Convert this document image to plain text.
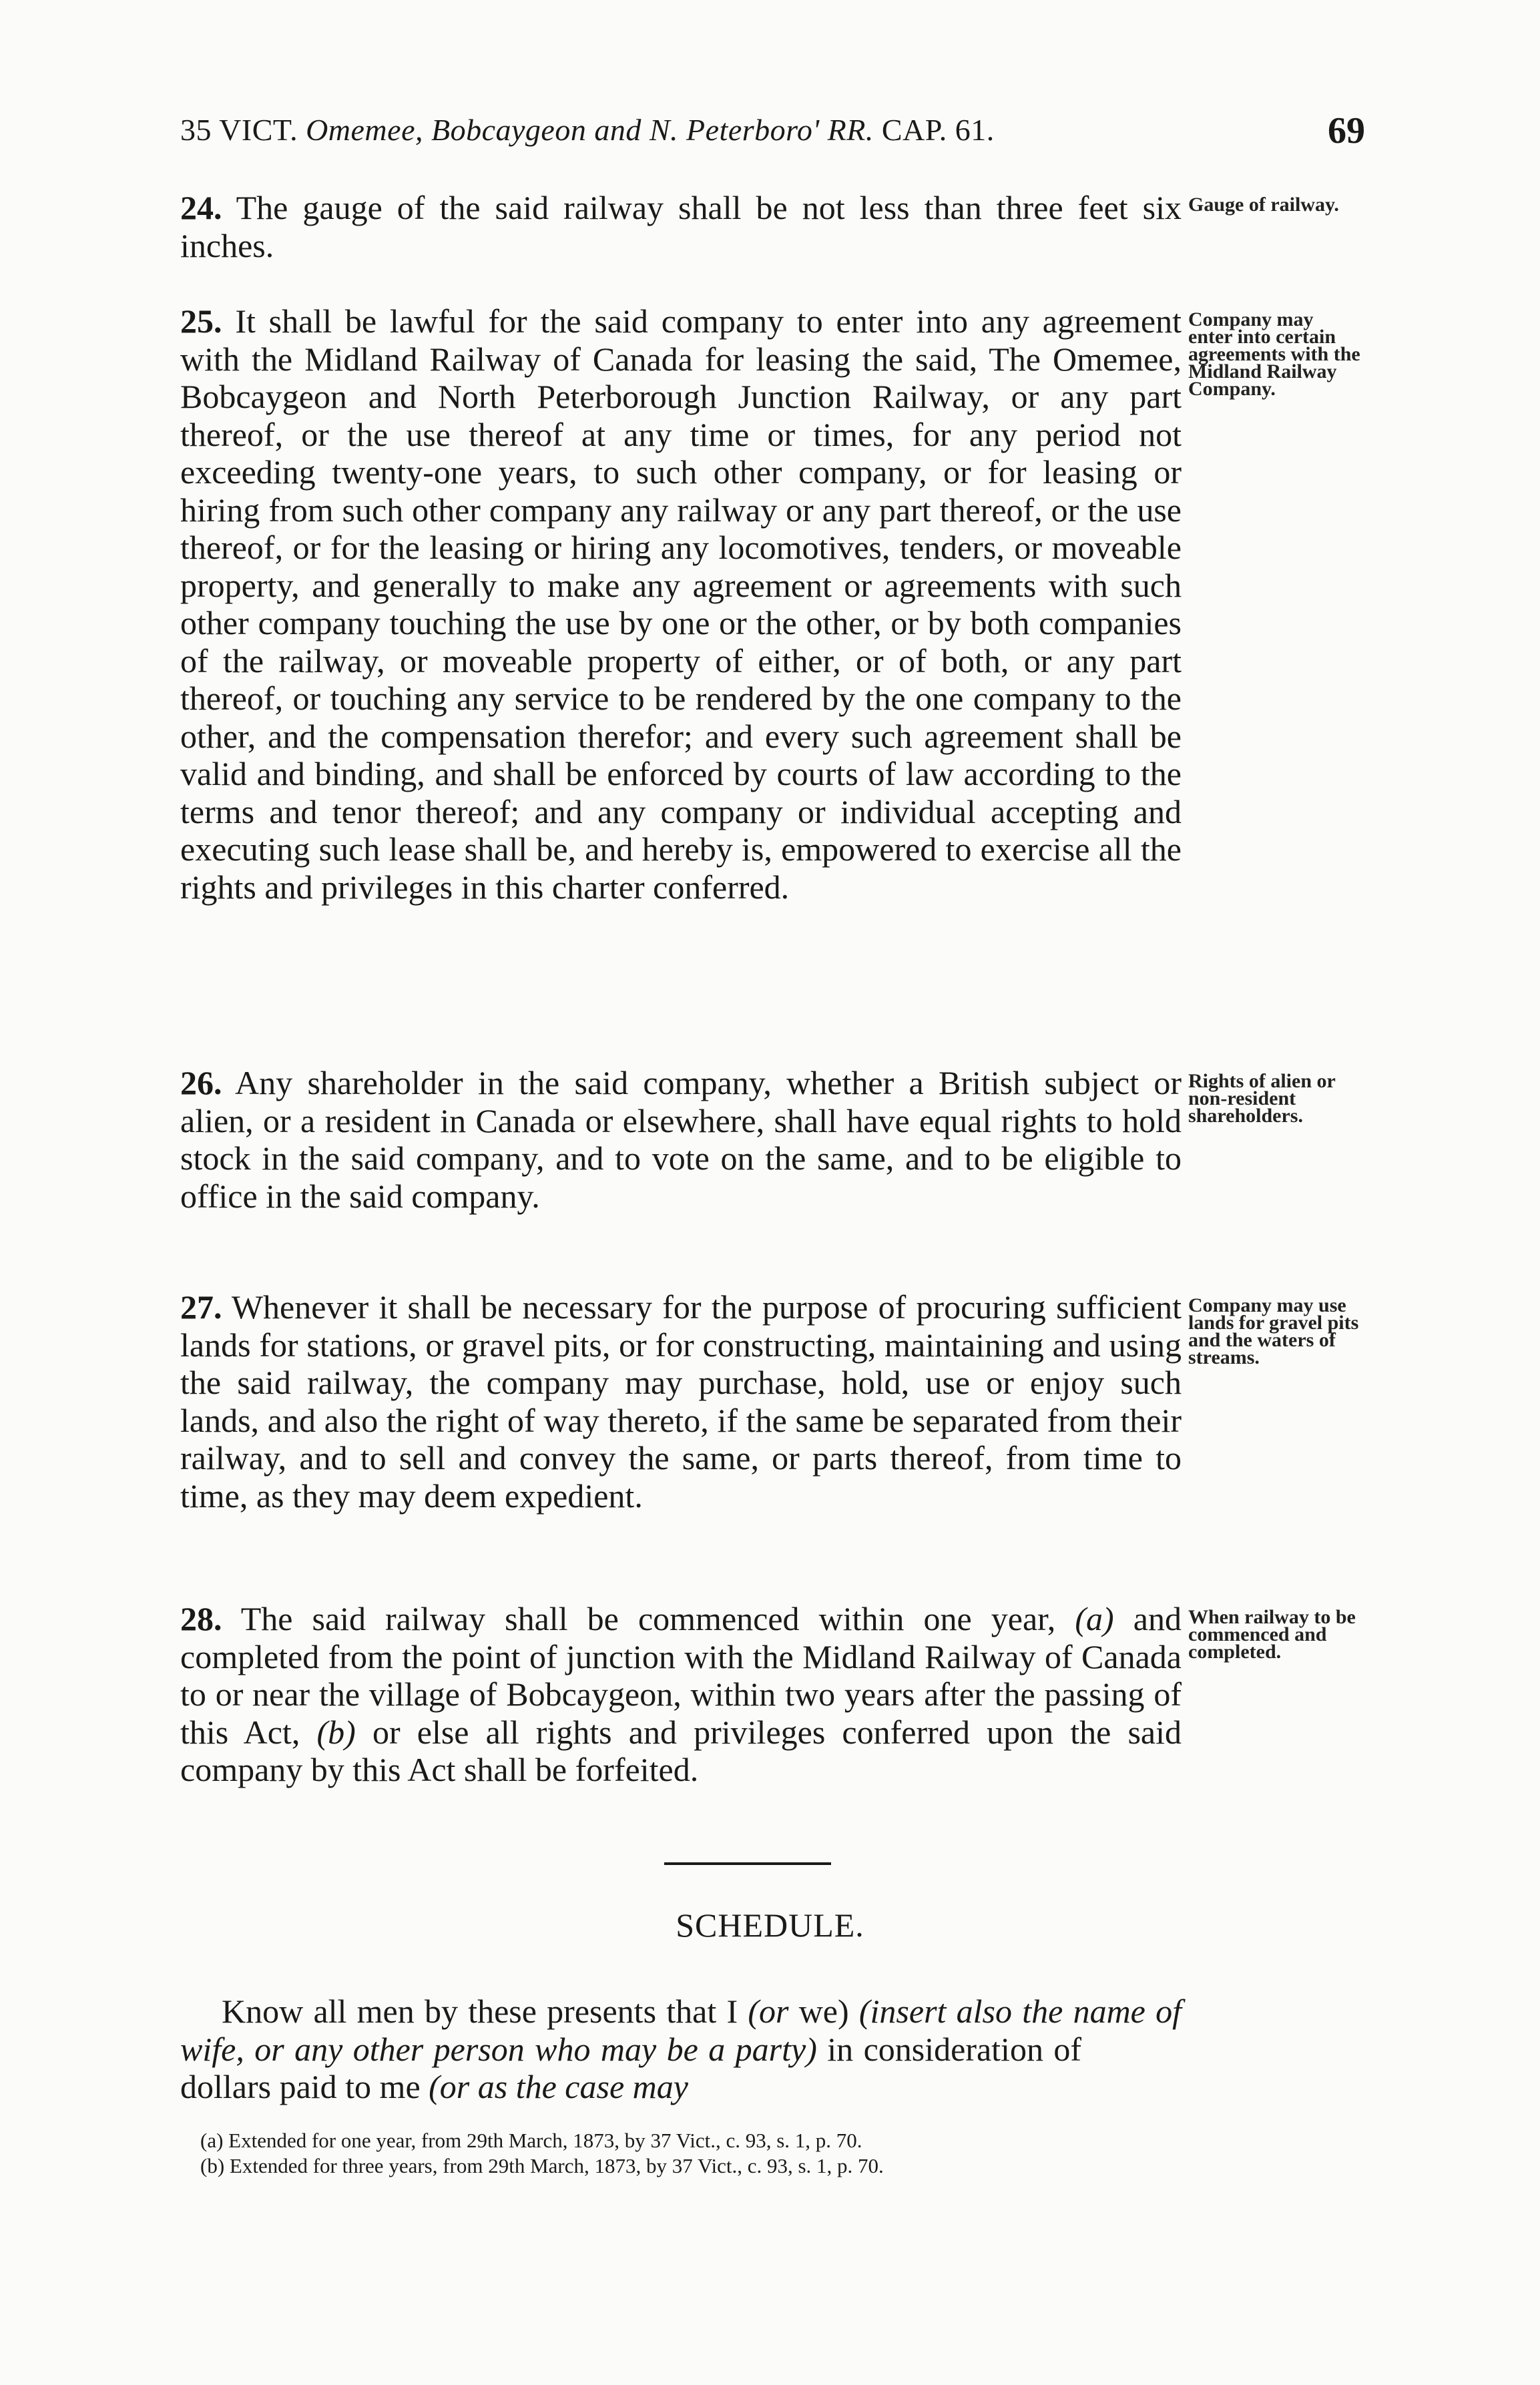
35 VICT. Omemee, Bobcaygeon and N. Peterboro' RR. CAP. 61.	69

24. The gauge of the said railway shall be not less than three feet six inches.

Gauge of railway.

25. It shall be lawful for the said company to enter into any agreement with the Midland Railway of Canada for leasing the said, The Omemee, Bobcaygeon and North Peterborough Junction Railway, or any part thereof, or the use thereof at any time or times, for any period not exceeding twenty-one years, to such other company, or for leasing or hiring from such other company any railway or any part thereof, or the use thereof, or for the leasing or hiring any locomotives, tenders, or moveable property, and generally to make any agreement or agreements with such other company touching the use by one or the other, or by both companies of the railway, or moveable property of either, or of both, or any part thereof, or touching any service to be rendered by the one company to the other, and the compensation therefor; and every such agreement shall be valid and binding, and shall be enforced by courts of law according to the terms and tenor thereof; and any company or individual accepting and executing such lease shall be, and hereby is, empowered to exercise all the rights and privileges in this charter conferred.

Company may enter into certain agreements with the Midland Railway Company.

26. Any shareholder in the said company, whether a British subject or alien, or a resident in Canada or elsewhere, shall have equal rights to hold stock in the said company, and to vote on the same, and to be eligible to office in the said company.

Rights of alien or non-resident shareholders.

27. Whenever it shall be necessary for the purpose of procuring sufficient lands for stations, or gravel pits, or for constructing, maintaining and using the said railway, the company may purchase, hold, use or enjoy such lands, and also the right of way thereto, if the same be separated from their railway, and to sell and convey the same, or parts thereof, from time to time, as they may deem expedient.

Company may use lands for gravel pits and the waters of streams.

28. The said railway shall be commenced within one year, (a) and completed from the point of junction with the Midland Railway of Canada to or near the village of Bobcaygeon, within two years after the passing of this Act, (b) or else all rights and privileges conferred upon the said company by this Act shall be forfeited.

When railway to be commenced and completed.
SCHEDULE.

Know all men by these presents that I (or we) (insert also the name of wife, or any other person who may be a party) in consideration ofdollars paid to me (or as the case may

(a) Extended for one year, from 29th March, 1873, by 37 Vict., c. 93, s. 1, p. 70.
(b) Extended for three years, from 29th March, 1873, by 37 Vict., c. 93, s. 1, p. 70.
